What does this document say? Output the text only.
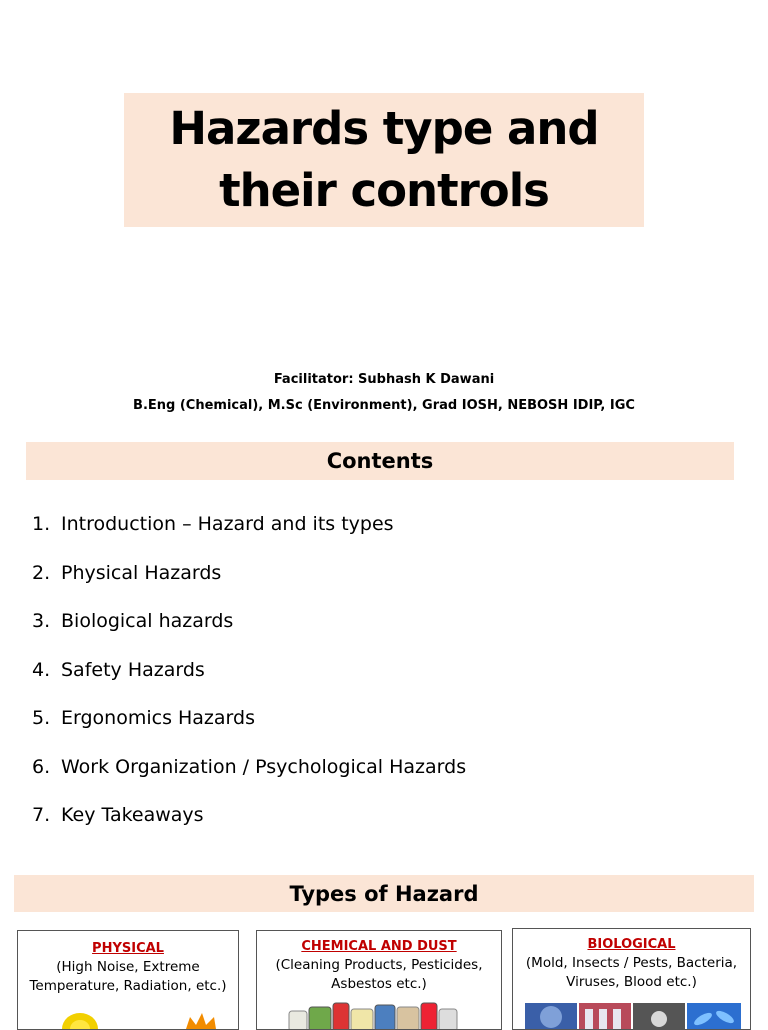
Hazards type and their controls
Facilitator: Subhash K Dawani
B.Eng (Chemical), M.Sc (Environment), Grad IOSH, NEBOSH IDIP, IGC
Contents
1. Introduction – Hazard and its types
2. Physical Hazards
3. Biological hazards
4. Safety Hazards
5. Ergonomics Hazards
6. Work Organization / Psychological Hazards
7. Key Takeaways
Types of Hazard
PHYSICAL
(High Noise, Extreme Temperature, Radiation, etc.)
CHEMICAL AND DUST
(Cleaning Products, Pesticides, Asbestos etc.)
BIOLOGICAL
(Mold, Insects / Pests, Bacteria, Viruses, Blood etc.)
